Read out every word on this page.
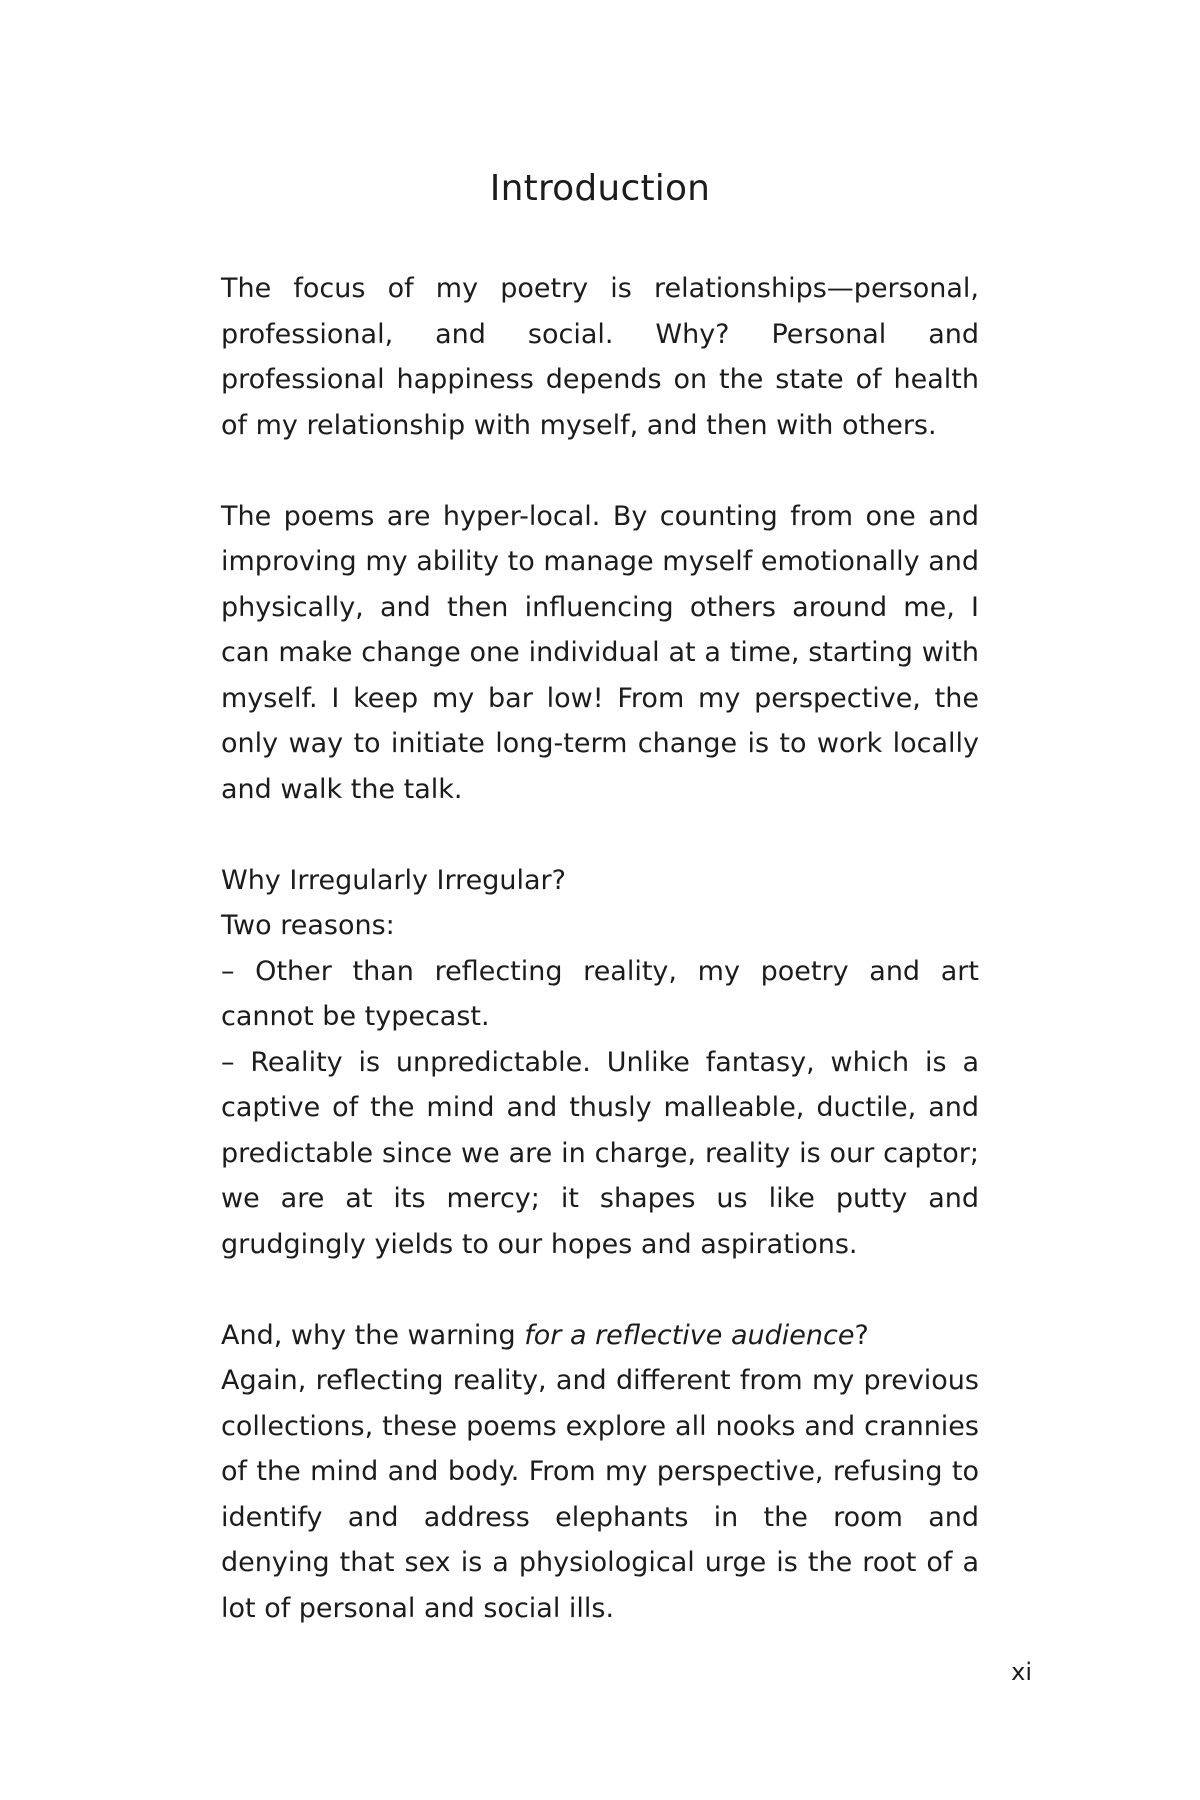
Introduction

The focus of my poetry is relationships—personal, professional, and social. Why? Personal and professional happiness depends on the state of health of my relationship with myself, and then with others.

The poems are hyper-local. By counting from one and improving my ability to manage myself emotionally and physically, and then influencing others around me, I can make change one individual at a time, starting with myself. I keep my bar low! From my perspective, the only way to initiate long-term change is to work locally and walk the talk.

Why Irregularly Irregular?
Two reasons:
– Other than reflecting reality, my poetry and art cannot be typecast.
– Reality is unpredictable. Unlike fantasy, which is a captive of the mind and thusly malleable, ductile, and predictable since we are in charge, reality is our captor; we are at its mercy; it shapes us like putty and grudgingly yields to our hopes and aspirations.
And, why the warning for a reflective audience?
Again, reflecting reality, and different from my previous collections, these poems explore all nooks and crannies of the mind and body. From my perspective, refusing to identify and address elephants in the room and denying that sex is a physiological urge is the root of a lot of personal and social ills.
xi
